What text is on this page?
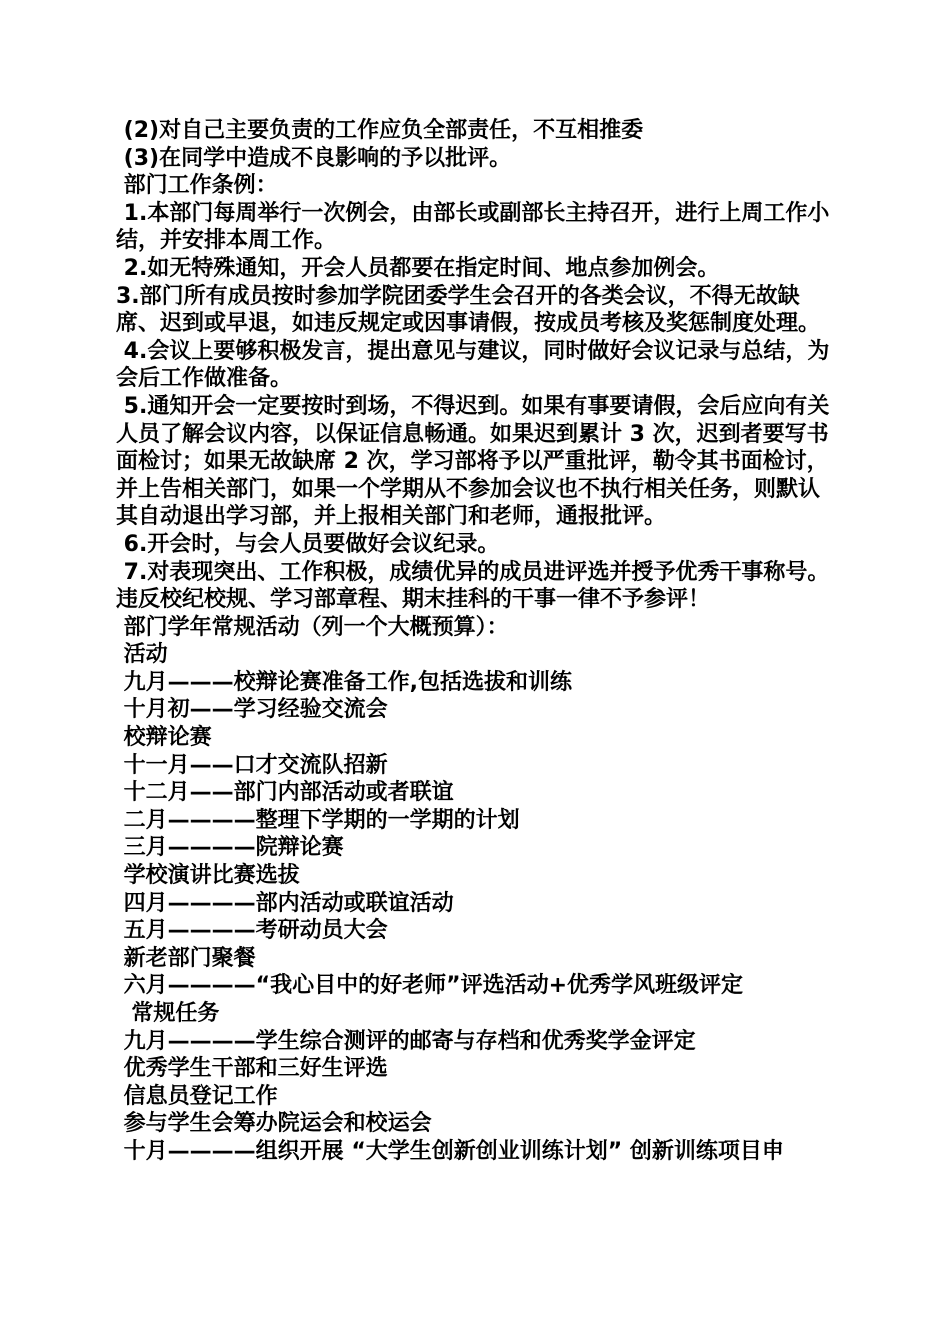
(2)对自己主要负责的工作应负全部责任，不互相推委

(3)在同学中造成不良影响的予以批评。

部门工作条例：

1.本部门每周举行一次例会，由部长或副部长主持召开，进行上周工作小结，并安排本周工作。

2.如无特殊通知，开会人员都要在指定时间、地点参加例会。

3.部门所有成员按时参加学院团委学生会召开的各类会议，不得无故缺席、迟到或早退，如违反规定或因事请假，按成员考核及奖惩制度处理。

4.会议上要够积极发言，提出意见与建议，同时做好会议记录与总结，为会后工作做准备。

5.通知开会一定要按时到场，不得迟到。如果有事要请假，会后应向有关人员了解会议内容，以保证信息畅通。如果迟到累计 3 次，迟到者要写书面检讨；如果无故缺席 2 次，学习部将予以严重批评，勒令其书面检讨，并上告相关部门，如果一个学期从不参加会议也不执行相关任务，则默认其自动退出学习部，并上报相关部门和老师，通报批评。

6.开会时，与会人员要做好会议纪录。

7.对表现突出、工作积极，成绩优异的成员进评选并授予优秀干事称号。违反校纪校规、学习部章程、期末挂科的干事一律不予参评！

部门学年常规活动（列一个大概预算）：

活动

九月———校辩论赛准备工作,包括选拔和训练

十月初——学习经验交流会

校辩论赛

十一月——口才交流队招新

十二月——部门内部活动或者联谊

二月————整理下学期的一学期的计划

三月————院辩论赛

学校演讲比赛选拔

四月————部内活动或联谊活动

五月————考研动员大会

新老部门聚餐

六月————“我心目中的好老师”评选活动+优秀学风班级评定

常规任务

九月————学生综合测评的邮寄与存档和优秀奖学金评定

优秀学生干部和三好生评选

信息员登记工作

参与学生会筹办院运会和校运会

十月————组织开展 “大学生创新创业训练计划” 创新训练项目申
